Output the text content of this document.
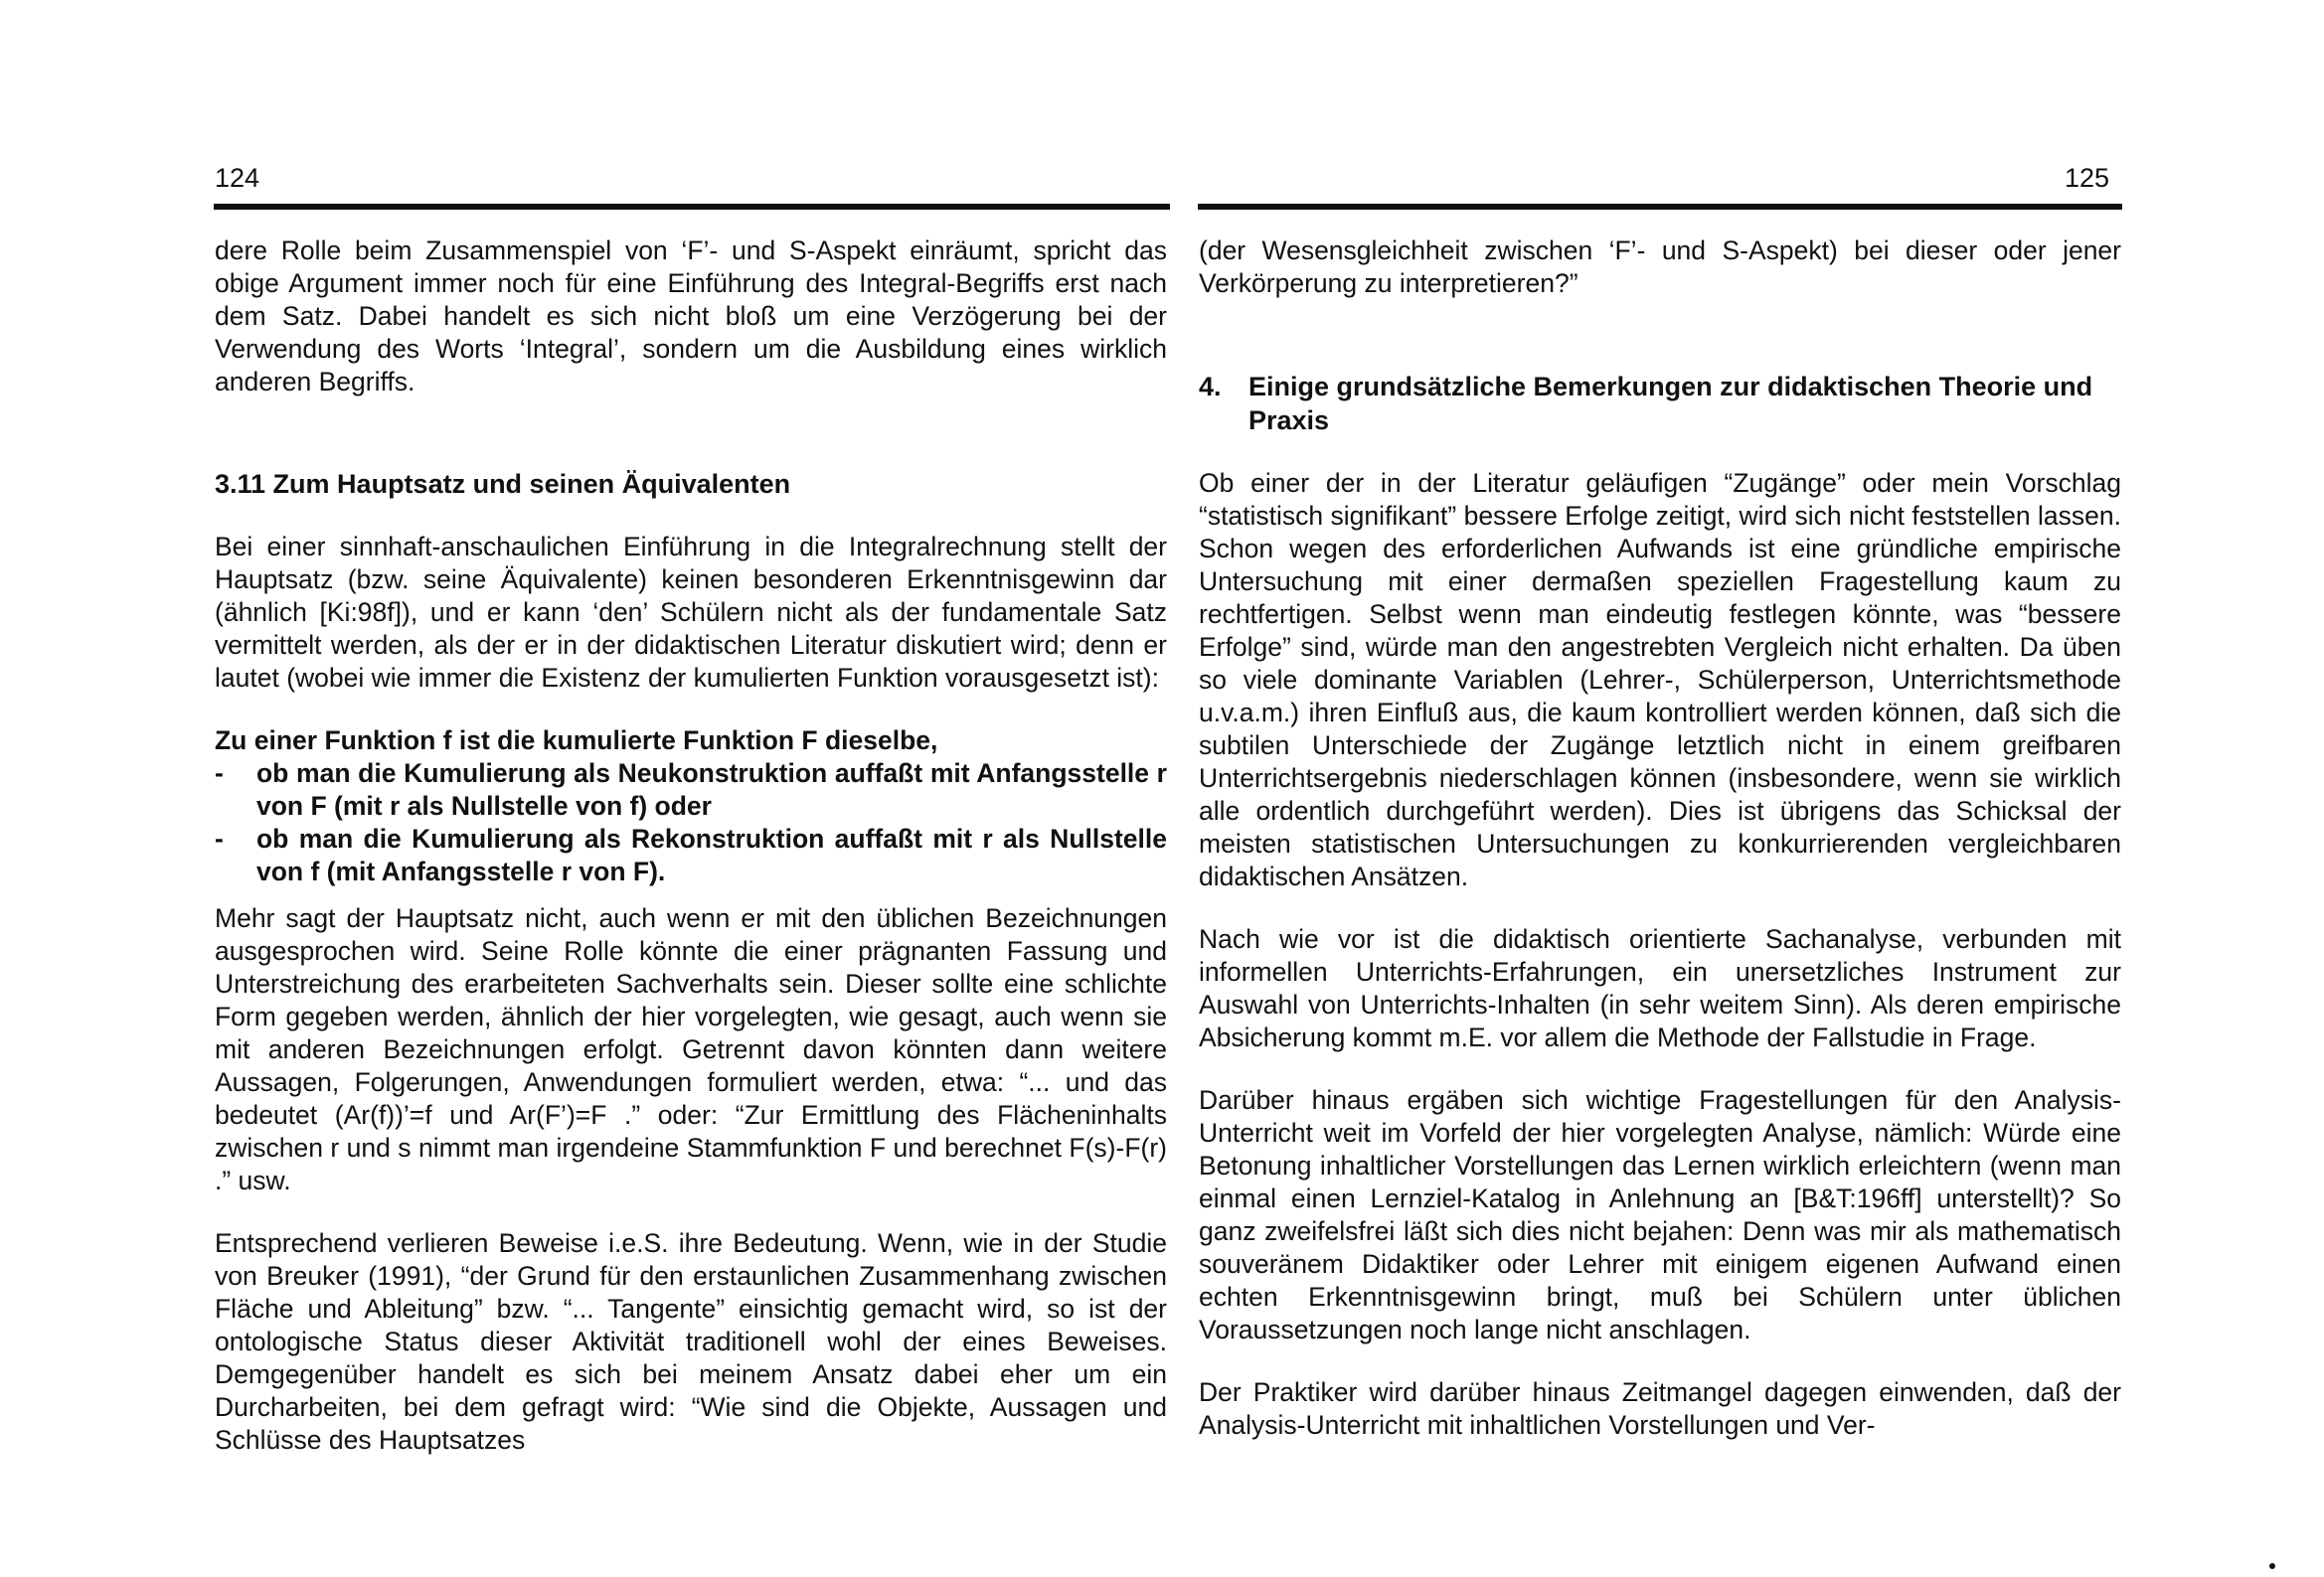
124

dere Rolle beim Zusammenspiel von ‘F’- und S-Aspekt einräumt, spricht das obige Argument immer noch für eine Einführung des Integral-Begriffs erst nach dem Satz. Dabei handelt es sich nicht bloß um eine Verzögerung bei der Verwendung des Worts ‘Integral’, sondern um die Ausbildung eines wirklich anderen Begriffs.

3.11 Zum Hauptsatz und seinen Äquivalenten

Bei einer sinnhaft-anschaulichen Einführung in die Integralrechnung stellt der Hauptsatz (bzw. seine Äquivalente) keinen besonderen Erkenntnisgewinn dar (ähnlich [Ki:98f]), und er kann ‘den’ Schülern nicht als der fundamentale Satz vermittelt werden, als der er in der didaktischen Literatur diskutiert wird; denn er lautet (wobei wie immer die Existenz der kumulierten Funktion vorausgesetzt ist):

Zu einer Funktion f ist die kumulierte Funktion F dieselbe,

-	ob man die Kumulierung als Neukonstruktion auffaßt mit Anfangsstelle r von F (mit r als Nullstelle von f) oder
-	ob man die Kumulierung als Rekonstruktion auffaßt mit r als Nullstelle von f (mit Anfangsstelle r von F).

Mehr sagt der Hauptsatz nicht, auch wenn er mit den üblichen Bezeichnungen ausgesprochen wird. Seine Rolle könnte die einer prägnanten Fassung und Unterstreichung des erarbeiteten Sachverhalts sein. Dieser sollte eine schlichte Form gegeben werden, ähnlich der hier vorgelegten, wie gesagt, auch wenn sie mit anderen Bezeichnungen erfolgt. Getrennt davon könnten dann weitere Aussagen, Folgerungen, Anwendungen formuliert werden, etwa: “... und das bedeutet (Ar(f))’=f und Ar(F’)=F .” oder: “Zur Ermittlung des Flächeninhalts zwischen r und s nimmt man irgendeine Stammfunktion F und berechnet F(s)-F(r) .” usw.

Entsprechend verlieren Beweise i.e.S. ihre Bedeutung. Wenn, wie in der Studie von Breuker (1991), “der Grund für den erstaunlichen Zusammenhang zwischen Fläche und Ableitung” bzw. “... Tangente” einsichtig gemacht wird, so ist der ontologische Status dieser Aktivität traditionell wohl der eines Beweises. Demgegenüber handelt es sich bei meinem Ansatz dabei eher um ein Durcharbeiten, bei dem gefragt wird: “Wie sind die Objekte, Aussagen und Schlüsse des Hauptsatzes

125

(der Wesensgleichheit zwischen ‘F’- und S-Aspekt) bei dieser oder jener Verkörperung zu interpretieren?”

4.	Einige grundsätzliche Bemerkungen zur didaktischen Theorie und Praxis

Ob einer der in der Literatur geläufigen “Zugänge” oder mein Vorschlag “statistisch signifikant” bessere Erfolge zeitigt, wird sich nicht feststellen lassen. Schon wegen des erforderlichen Aufwands ist eine gründliche empirische Untersuchung mit einer dermaßen speziellen Fragestellung kaum zu rechtfertigen. Selbst wenn man eindeutig festlegen könnte, was “bessere Erfolge” sind, würde man den angestrebten Vergleich nicht erhalten. Da üben so viele dominante Variablen (Lehrer-, Schülerperson, Unterrichtsmethode u.v.a.m.) ihren Einfluß aus, die kaum kontrolliert werden können, daß sich die subtilen Unterschiede der Zugänge letztlich nicht in einem greifbaren Unterrichtsergebnis niederschlagen können (insbesondere, wenn sie wirklich alle ordentlich durchgeführt werden). Dies ist übrigens das Schicksal der meisten statistischen Untersuchungen zu konkurrierenden vergleichbaren didaktischen Ansätzen.

Nach wie vor ist die didaktisch orientierte Sachanalyse, verbunden mit informellen Unterrichts-Erfahrungen, ein unersetzliches Instrument zur Auswahl von Unterrichts-Inhalten (in sehr weitem Sinn). Als deren empirische Absicherung kommt m.E. vor allem die Methode der Fallstudie in Frage.

Darüber hinaus ergäben sich wichtige Fragestellungen für den Analysis-Unterricht weit im Vorfeld der hier vorgelegten Analyse, nämlich: Würde eine Betonung inhaltlicher Vorstellungen das Lernen wirklich erleichtern (wenn man einmal einen Lernziel-Katalog in Anlehnung an [B&T:196ff] unterstellt)? So ganz zweifelsfrei läßt sich dies nicht bejahen: Denn was mir als mathematisch souveränem Didaktiker oder Lehrer mit einigem eigenen Aufwand einen echten Erkenntnisgewinn bringt, muß bei Schülern unter üblichen Voraussetzungen noch lange nicht anschlagen.

Der Praktiker wird darüber hinaus Zeitmangel dagegen einwenden, daß der Analysis-Unterricht mit inhaltlichen Vorstellungen und Ver-
